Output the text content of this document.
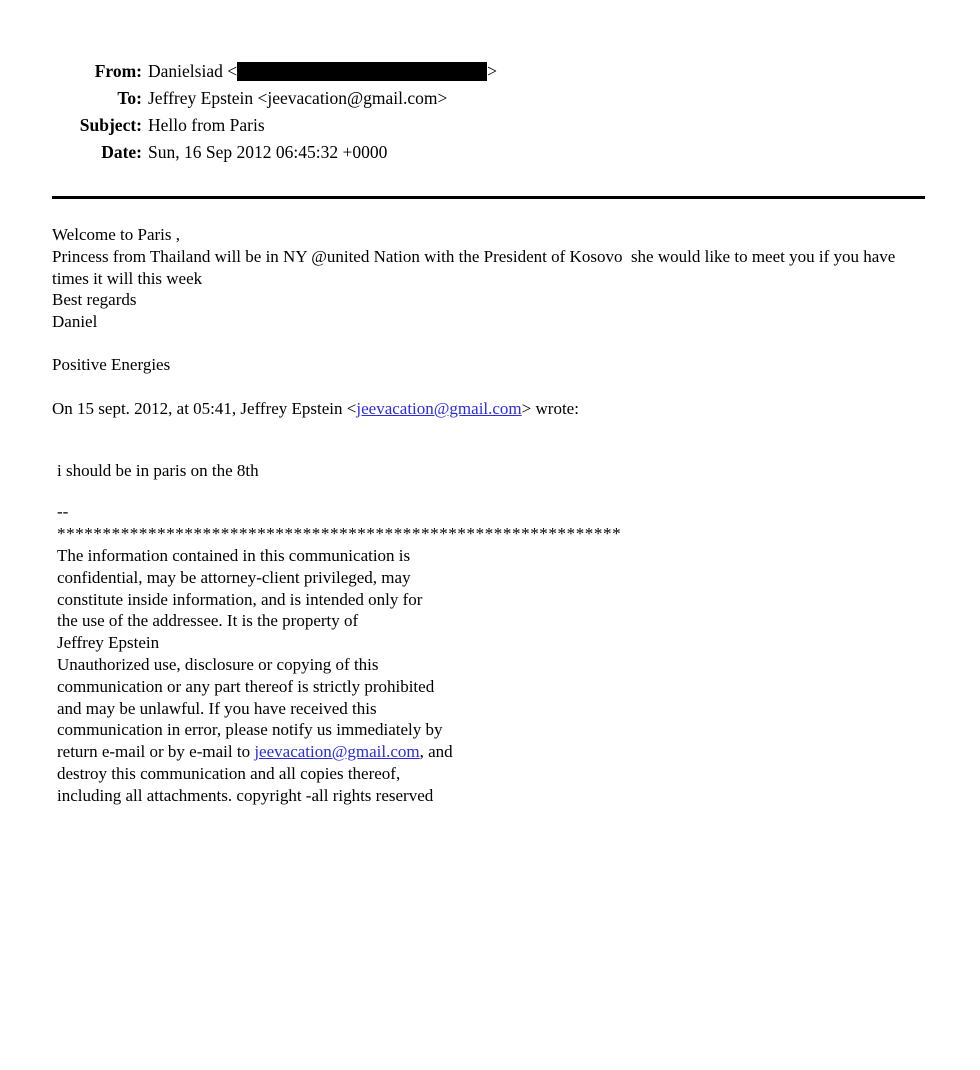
From: Danielsiad <	>
To: Jeffrey Epstein <jeevacation@gmail.com>
Subject: Hello from Paris
Date: Sun, 16 Sep 2012 06:45:32 +0000
Welcome to Paris ,
Princess from Thailand will be in NY @united Nation with the President of Kosovo  she would like to meet you if you have times it will this week
Best regards
Daniel
Positive Energies
On 15 sept. 2012, at 05:41, Jeffrey Epstein <jeevacation@gmail.com> wrote:
i should be in paris on the 8th
--
**************************************************************
The information contained in this communication is
confidential, may be attorney-client privileged, may
constitute inside information, and is intended only for
the use of the addressee. It is the property of
Jeffrey Epstein
Unauthorized use, disclosure or copying of this
communication or any part thereof is strictly prohibited
and may be unlawful. If you have received this
communication in error, please notify us immediately by
return e-mail or by e-mail to jeevacation@gmail.com, and
destroy this communication and all copies thereof,
including all attachments. copyright -all rights reserved
